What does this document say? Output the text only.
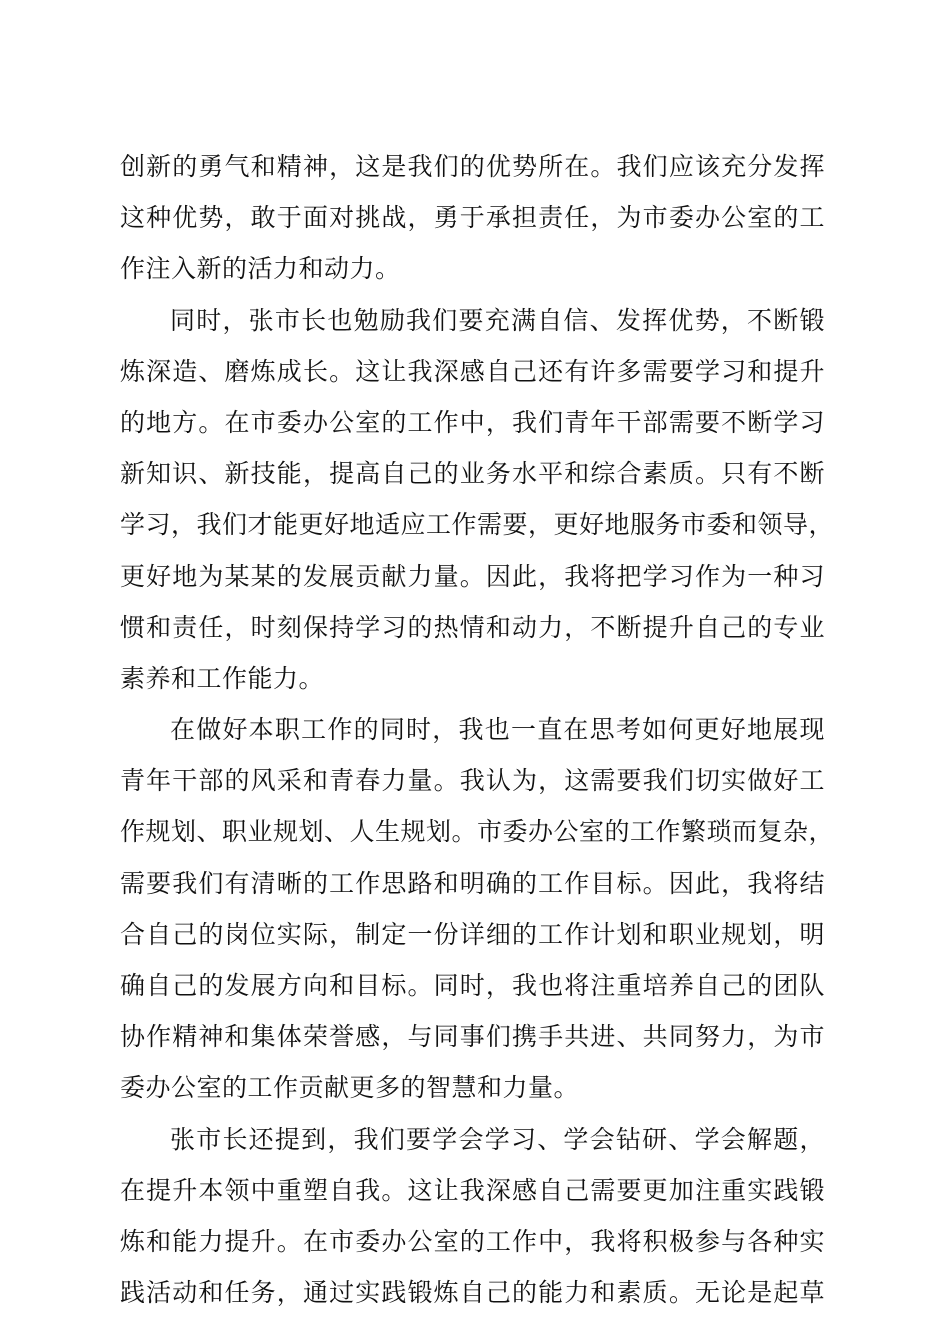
创新的勇气和精神，这是我们的优势所在。我们应该充分发挥
这种优势，敢于面对挑战，勇于承担责任，为市委办公室的工
作注入新的活力和动力。
同时，张市长也勉励我们要充满自信、发挥优势，不断锻
炼深造、磨炼成长。这让我深感自己还有许多需要学习和提升
的地方。在市委办公室的工作中，我们青年干部需要不断学习
新知识、新技能，提高自己的业务水平和综合素质。只有不断
学习，我们才能更好地适应工作需要，更好地服务市委和领导，
更好地为某某的发展贡献力量。因此，我将把学习作为一种习
惯和责任，时刻保持学习的热情和动力，不断提升自己的专业
素养和工作能力。
在做好本职工作的同时，我也一直在思考如何更好地展现
青年干部的风采和青春力量。我认为，这需要我们切实做好工
作规划、职业规划、人生规划。市委办公室的工作繁琐而复杂，
需要我们有清晰的工作思路和明确的工作目标。因此，我将结
合自己的岗位实际，制定一份详细的工作计划和职业规划，明
确自己的发展方向和目标。同时，我也将注重培养自己的团队
协作精神和集体荣誉感，与同事们携手共进、共同努力，为市
委办公室的工作贡献更多的智慧和力量。
张市长还提到，我们要学会学习、学会钻研、学会解题，
在提升本领中重塑自我。这让我深感自己需要更加注重实践锻
炼和能力提升。在市委办公室的工作中，我将积极参与各种实
践活动和任务，通过实践锻炼自己的能力和素质。无论是起草
